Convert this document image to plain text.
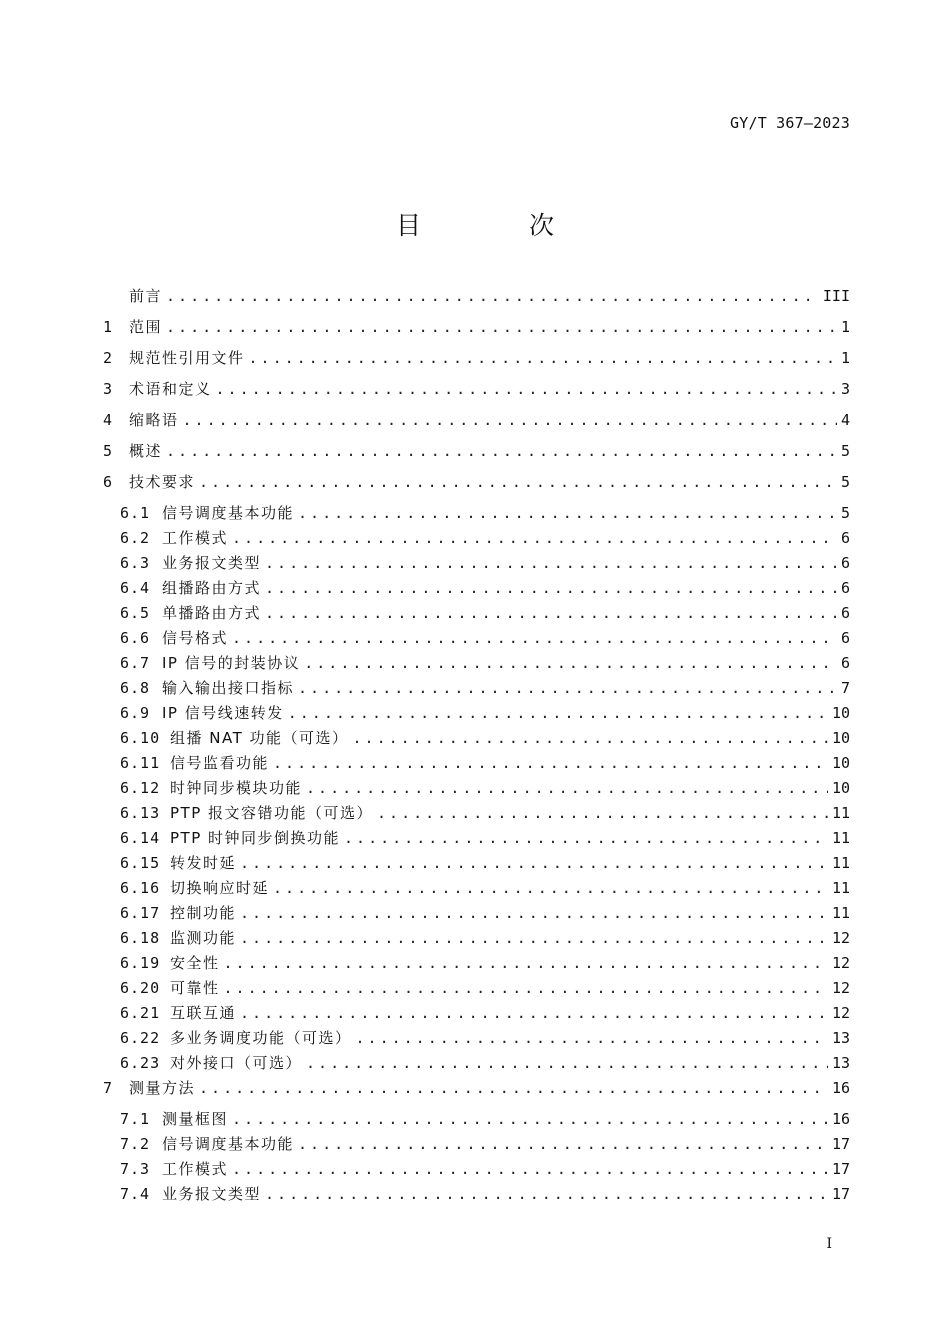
GY/T 367—2023
目 次
前言 .....	III
1	范围 .....	1
2	规范性引用文件 .....	1
3	术语和定义 .....	3
4	缩略语 .....	4
5	概述 .....	5
6	技术要求 .....	5
6.1 信号调度基本功能 .....	5
6.2 工作模式 .....	6
6.3 业务报文类型 .....	6
6.4 组播路由方式 .....	6
6.5 单播路由方式 .....	6
6.6 信号格式 .....	6
6.7 IP 信号的封装协议 .....	6
6.8 输入输出接口指标 .....	7
6.9 IP 信号线速转发 .....	10
6.10 组播 NAT 功能（可选） .....	10
6.11 信号监看功能 .....	10
6.12 时钟同步模块功能 .....	10
6.13 PTP 报文容错功能（可选） .....	11
6.14 PTP 时钟同步倒换功能 .....	11
6.15 转发时延 .....	11
6.16 切换响应时延 .....	11
6.17 控制功能 .....	11
6.18 监测功能 .....	12
6.19 安全性 .....	12
6.20 可靠性 .....	12
6.21 互联互通 .....	12
6.22 多业务调度功能（可选） .....	13
6.23 对外接口（可选） .....	13
7	测量方法 .....	16
7.1 测量框图 .....	16
7.2 信号调度基本功能 .....	17
7.3 工作模式 .....	17
7.4 业务报文类型 .....	17
I
